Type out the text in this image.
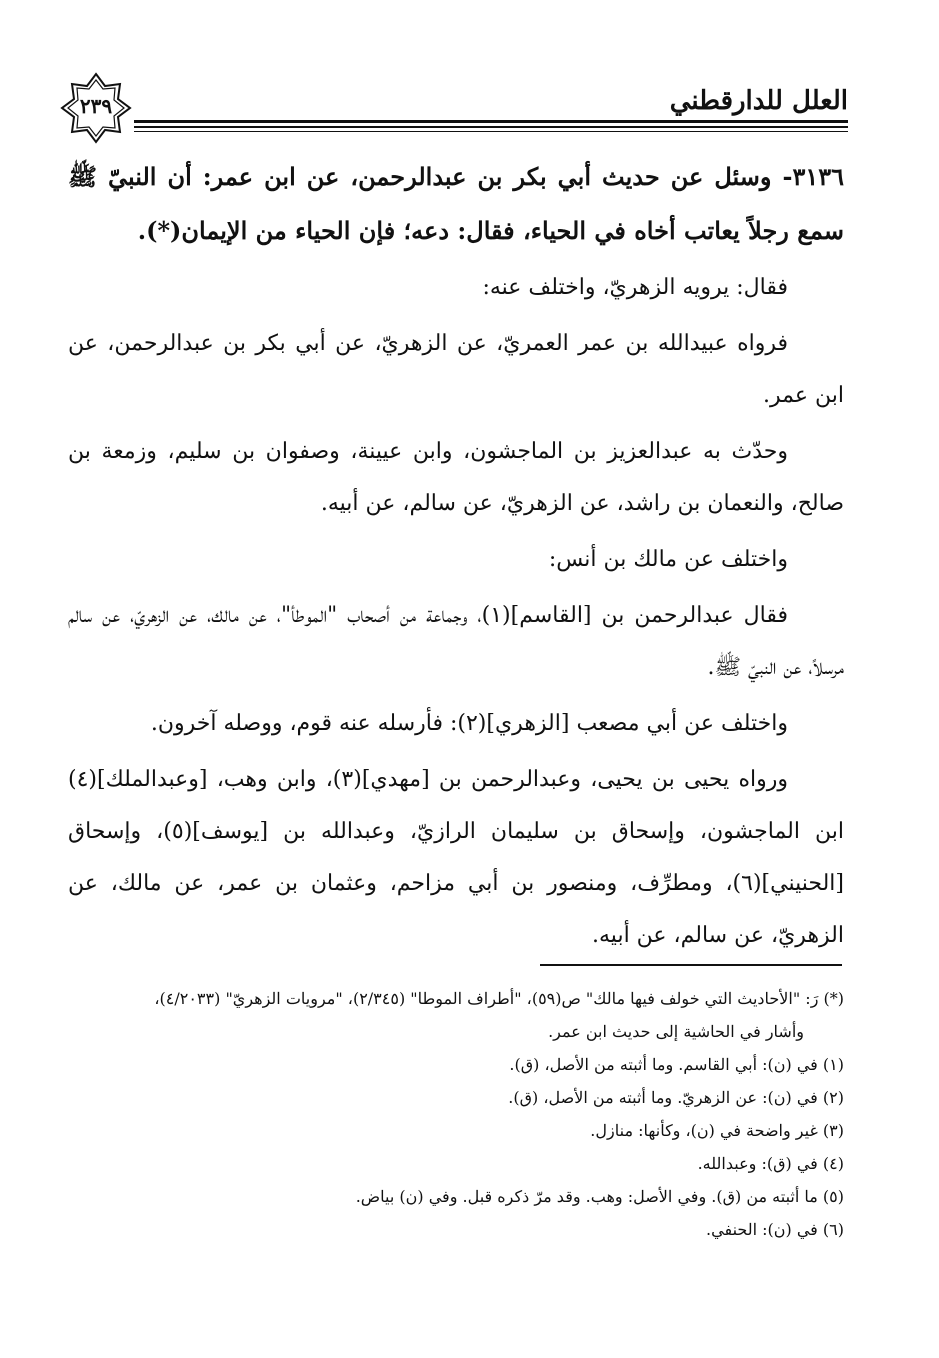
العلل للدارقطني
٢٣٩

٣١٣٦- وسئل عن حديث أبي بكر بن عبدالرحمن، عن ابن عمر: أن النبيّ ﷺ سمع رجلاً يعاتب أخاه في الحياء، فقال: دعه؛ فإن الحياء من الإيمان(*).

فقال: يرويه الزهريّ، واختلف عنه:

فرواه عبيدالله بن عمر العمريّ، عن الزهريّ، عن أبي بكر بن عبدالرحمن، عن ابن عمر.

وحدّث به عبدالعزيز بن الماجشون، وابن عيينة، وصفوان بن سليم، وزمعة بن صالح، والنعمان بن راشد، عن الزهريّ، عن سالم، عن أبيه.

واختلف عن مالك بن أنس:

فقال عبدالرحمن بن [القاسم](١)، وجماعة من أصحاب "الموطأ"، عن مالك، عن الزهريّ، عن سالم مرسلاً، عن النبيّ ﷺ.

واختلف عن أبي مصعب [الزهري](٢): فأرسله عنه قوم، ووصله آخرون.

ورواه يحيى بن يحيى، وعبدالرحمن بن [مهدي](٣)، وابن وهب، [وعبدالملك](٤) ابن الماجشون، وإسحاق بن سليمان الرازيّ، وعبدالله بن [يوسف](٥)، وإسحاق [الحنيني](٦)، ومطرِّف، ومنصور بن أبي مزاحم، وعثمان بن عمر، عن مالك، عن الزهريّ، عن سالم، عن أبيه.

(*) رَ: "الأحاديث التي خولف فيها مالك" ص(٥٩)، "أطراف الموطا" (٢/٣٤٥)، "مرويات الزهريّ" (٤/٢٠٣٣)،

وأشار في الحاشية إلى حديث ابن عمر.

(١) في (ن): أبي القاسم. وما أثبته من الأصل، (ق).

(٢) في (ن): عن الزهريّ. وما أثبته من الأصل، (ق).

(٣) غير واضحة في (ن)، وكأنها: منازل.

(٤) في (ق): وعبدالله.

(٥) ما أثبته من (ق). وفي الأصل: وهب. وقد مرّ ذكره قبل. وفي (ن) بياض.

(٦) في (ن): الحنفي.
